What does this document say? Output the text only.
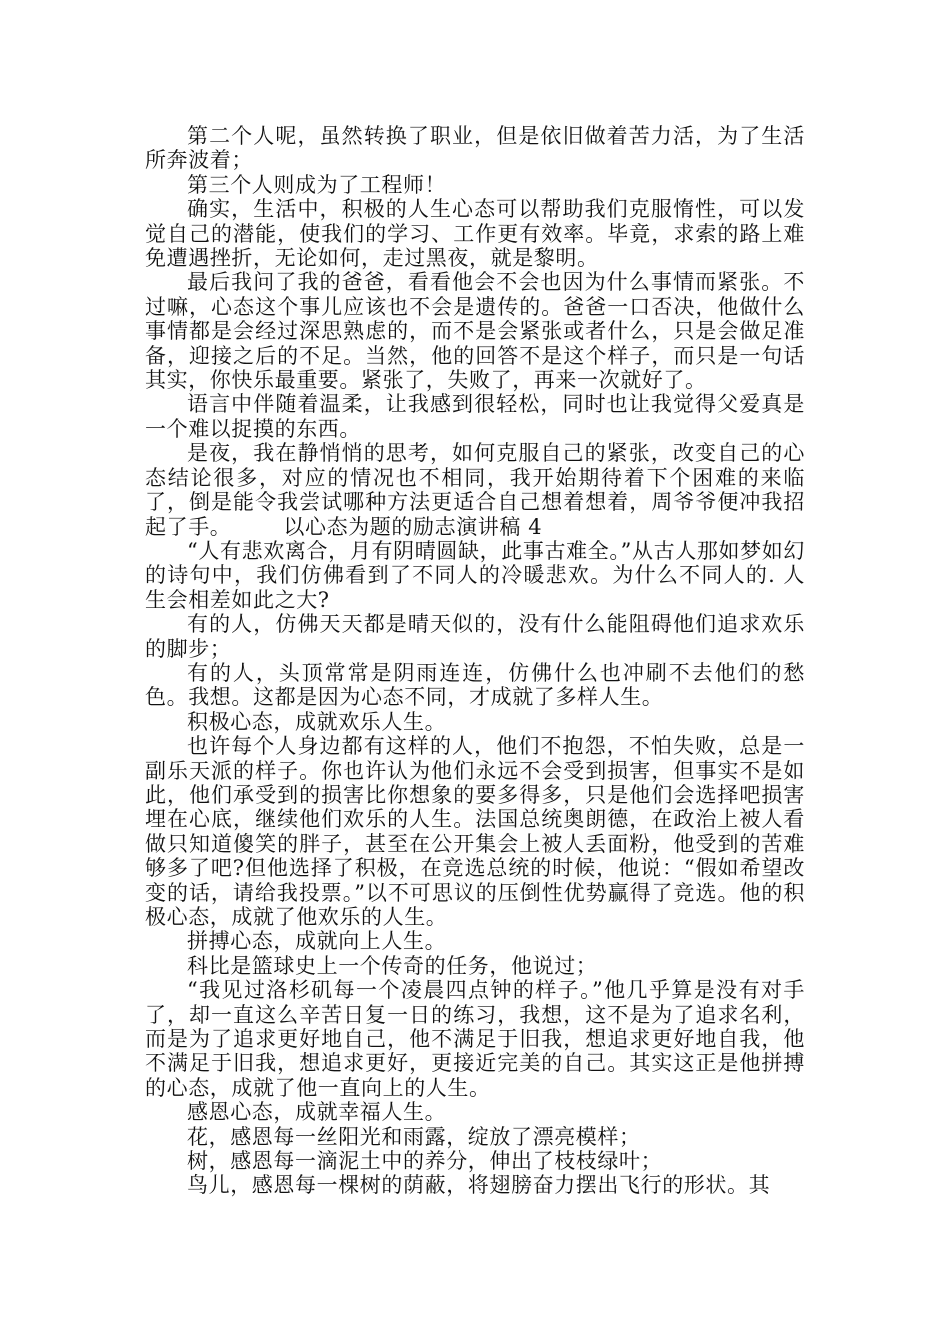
第二个人呢，虽然转换了职业，但是依旧做着苦力活，为了生活所奔波着；

第三个人则成为了工程师！

确实，生活中，积极的人生心态可以帮助我们克服惰性，可以发觉自己的潜能，使我们的学习、工作更有效率。毕竟，求索的路上难免遭遇挫折，无论如何，走过黑夜，就是黎明。

最后我问了我的爸爸，看看他会不会也因为什么事情而紧张。不过嘛，心态这个事儿应该也不会是遗传的。爸爸一口否决，他做什么事情都是会经过深思熟虑的，而不是会紧张或者什么，只是会做足准备，迎接之后的不足。当然，他的回答不是这个样子，而只是一句话其实，你快乐最重要。紧张了，失败了，再来一次就好了。

语言中伴随着温柔，让我感到很轻松，同时也让我觉得父爱真是一个难以捉摸的东西。

是夜，我在静悄悄的思考，如何克服自己的紧张，改变自己的心态结论很多，对应的情况也不相同，我开始期待着下个困难的来临了，倒是能令我尝试哪种方法更适合自己想着想着，周爷爷便冲我招起了手。 以心态为题的励志演讲稿 4

“人有悲欢离合，月有阴晴圆缺，此事古难全。”从古人那如梦如幻的诗句中，我们仿佛看到了不同人的冷暖悲欢。为什么不同人的. 人生会相差如此之大?

有的人，仿佛天天都是晴天似的，没有什么能阻碍他们追求欢乐的脚步；

有的人，头顶常常是阴雨连连，仿佛什么也冲刷不去他们的愁色。我想。这都是因为心态不同，才成就了多样人生。

积极心态，成就欢乐人生。

也许每个人身边都有这样的人，他们不抱怨，不怕失败，总是一副乐天派的样子。你也许认为他们永远不会受到损害，但事实不是如此，他们承受到的损害比你想象的要多得多，只是他们会选择吧损害埋在心底，继续他们欢乐的人生。法国总统奥朗德，在政治上被人看做只知道傻笑的胖子，甚至在公开集会上被人丢面粉，他受到的苦难够多了吧?但他选择了积极，在竞选总统的时候，他说：“假如希望改变的话，请给我投票。”以不可思议的压倒性优势赢得了竞选。他的积极心态，成就了他欢乐的人生。

拼搏心态，成就向上人生。

科比是篮球史上一个传奇的任务，他说过；

“我见过洛杉矶每一个凌晨四点钟的样子。”他几乎算是没有对手了，却一直这么辛苦日复一日的练习，我想，这不是为了追求名利，而是为了追求更好地自己，他不满足于旧我，想追求更好地自我，他不满足于旧我，想追求更好，更接近完美的自己。其实这正是他拼搏的心态，成就了他一直向上的人生。

感恩心态，成就幸福人生。

花，感恩每一丝阳光和雨露，绽放了漂亮模样；

树，感恩每一滴泥土中的养分，伸出了枝枝绿叶；

鸟儿，感恩每一棵树的荫蔽，将翅膀奋力摆出飞行的形状。其
